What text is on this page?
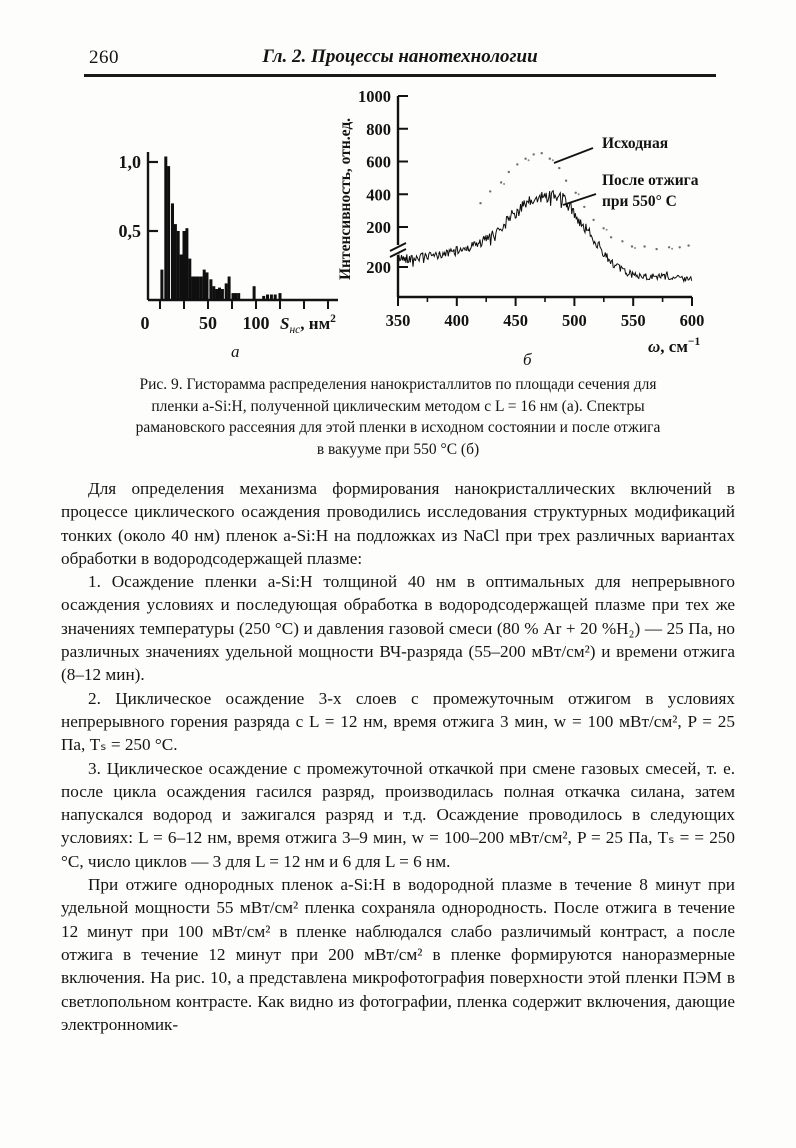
260	Гл. 2. Процессы нанотехнологии
0,5
1,0
0	50 100 $S_{нс}$, $нм^2$
200
400
600
800
1000
200
350 400 450 500 550 600
Интенсивность, отн.ед.
ω, $см^{-1}$
Исходная
После отжига
при 550° C
а	б
Рис. 9. Гисторамма распределения нанокристаллитов по площади сечения для
пленки a-Si:H, полученной циклическим методом с L = 16 нм (а). Спектры
рамановского рассеяния для этой пленки в исходном состоянии и после отжига
в вакууме при 550 °C (б)

Для определения механизма формирования нанокристаллических включений в процессе циклического осаждения проводились исследования структурных модификаций тонких (около 40 нм) пленок a-Si:H на подложках из NaCl при трех различных вариантах обработки в водородсодержащей плазме:

1. Осаждение пленки a-Si:H толщиной 40 нм в оптимальных для непрерывного осаждения условиях и последующая обработка в водородсодержащей плазме при тех же значениях температуры (250 °C) и давления газовой смеси (80 % Ar + 20 %H₂) — 25 Па, но различных значениях удельной мощности ВЧ-разряда (55–200 мВт/см²) и времени отжига (8–12 мин).

2. Циклическое осаждение 3-х слоев с промежуточным отжигом в условиях непрерывного горения разряда с L = 12 нм, время отжига 3 мин, w = 100 мВт/см², P = 25 Па, Tₛ = 250 °C.

3. Циклическое осаждение с промежуточной откачкой при смене газовых смесей, т. е. после цикла осаждения гасился разряд, производилась полная откачка силана, затем напускался водород и зажигался разряд и т.д. Осаждение проводилось в следующих условиях: L = 6–12 нм, время отжига 3–9 мин, w = 100–200 мВт/см², P = 25 Па, Tₛ = = 250 °C, число циклов — 3 для L = 12 нм и 6 для L = 6 нм.

При отжиге однородных пленок a-Si:H в водородной плазме в течение 8 минут при удельной мощности 55 мВт/см² пленка сохраняла однородность. После отжига в течение 12 минут при 100 мВт/см² в пленке наблюдался слабо различимый контраст, а после отжига в течение 12 минут при 200 мВт/см² в пленке формируются наноразмерные включения. На рис. 10, а представлена микрофотография поверхности этой пленки ПЭМ в светлопольном контрасте. Как видно из фотографии, пленка содержит включения, дающие электронномик-
